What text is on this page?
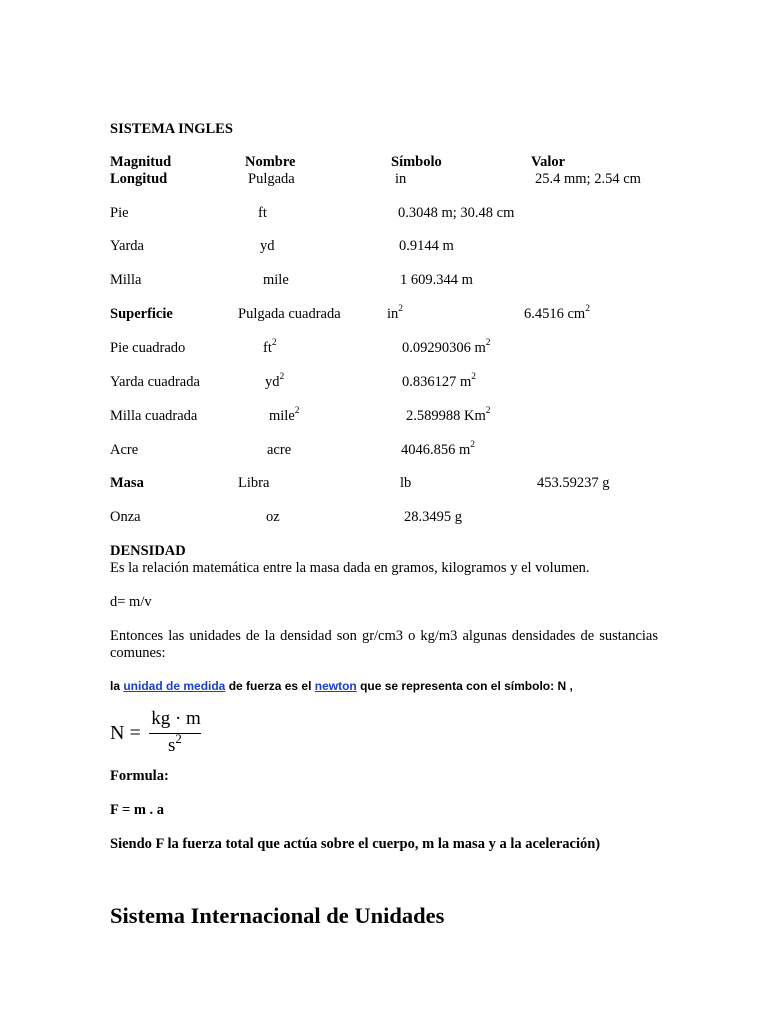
SISTEMA INGLES
Magnitud	Nombre	Símbolo	Valor
Longitud	Pulgada	in	25.4 mm; 2.54 cm
Pie	ft	0.3048 m; 30.48 cm
Yarda	yd	0.9144 m
Milla	mile	1 609.344 m
Superficie	Pulgada cuadrada	$in^2$	6.4516 $cm^2$
Pie cuadrado	$ft^2$	0.09290306 $m^2$
Yarda cuadrada	$yd^2$	0.836127 $m^2$
Milla cuadrada	mile$^2$	2.589988 Km$^2$
Acre	acre	4046.856 $m^2$
Masa	Libra	lb	453.59237 g
Onza	oz	28.3495 g
DENSIDAD
Es la relación matemática entre la masa dada en gramos, kilogramos y el volumen.
d= m/v
Entonces las unidades de la densidad son gr/cm3 o kg/m3 algunas densidades de sustancias comunes:
la unidad de medida de fuerza es el newton que se representa con el símbolo: N ,
N =
kg · m
$s^2$
Formula:
F = m . a
Siendo F la fuerza total que actúa sobre el cuerpo, m la masa y a la aceleración)
Sistema Internacional de Unidades
